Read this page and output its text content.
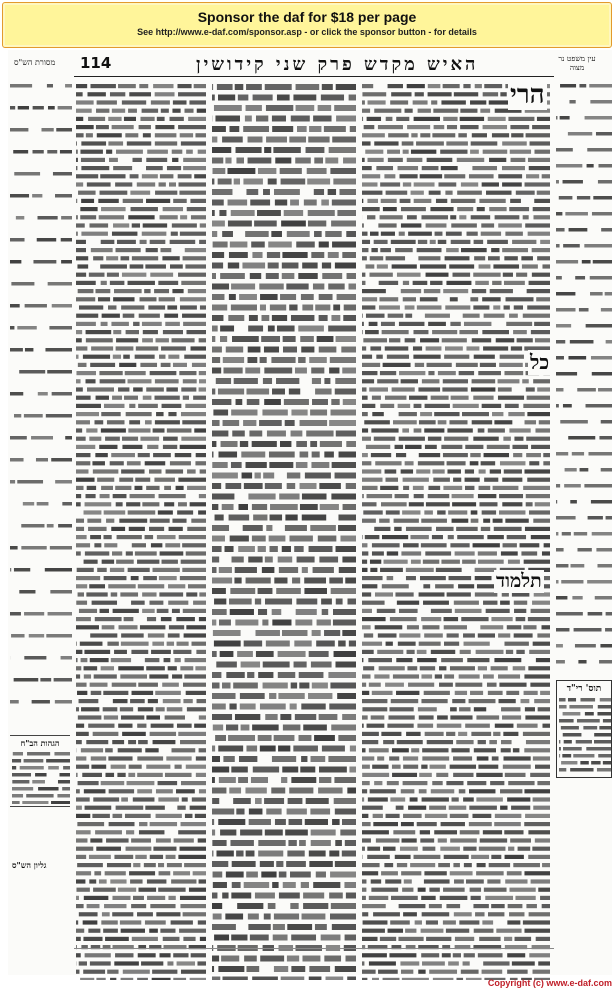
Sponsor the daf for $18 per page
See http://www.e-daf.com/sponsor.asp - or click the sponsor button - for details
מסורת הש"ס 114	האיש מקדש פרק שני קידושין	עין משפט נר מצוה
הרי
כל
תלמוד
תוס' רי"ד
הגהות הב"ח
גליון הש"ס
Copyright (c) www.e-daf.com
